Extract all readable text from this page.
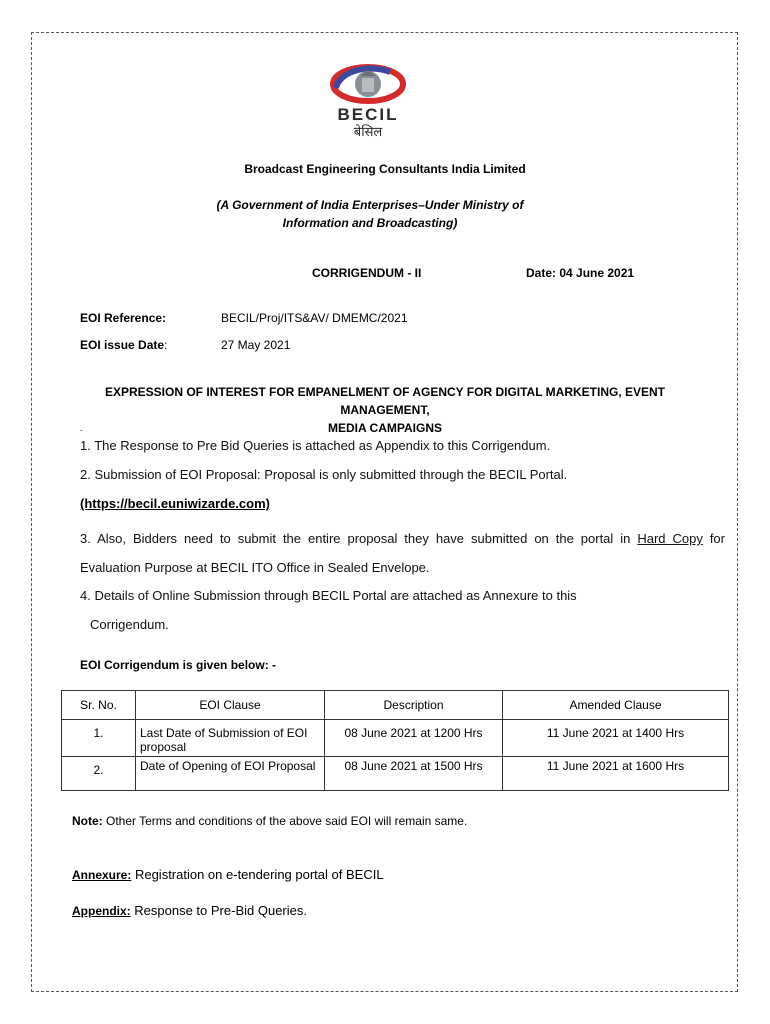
BECIL
बेसिल
Broadcast Engineering Consultants India Limited
(A Government of India Enterprises–Under Ministry of
Information and Broadcasting)
CORRIGENDUM - II	Date: 04 June 2021
EOI Reference:	BECIL/Proj/ITS&AV/ DMEMC/2021
EOI issue Date:	27 May 2021
EXPRESSION OF INTEREST FOR EMPANELMENT OF AGENCY FOR DIGITAL MARKETING, EVENT MANAGEMENT,
MEDIA CAMPAIGNS
.
1. The Response to Pre Bid Queries is attached as Appendix to this Corrigendum.
2. Submission of EOI Proposal: Proposal is only submitted through the BECIL Portal.
(https://becil.euniwizarde.com)
3. Also, Bidders need to submit the entire proposal they have submitted on the portal in Hard Copy for Evaluation Purpose at BECIL ITO Office in Sealed Envelope.
4. Details of Online Submission through BECIL Portal are attached as Annexure to this
Corrigendum.
EOI Corrigendum is given below: -
Sr. No.	EOI Clause	Description	Amended Clause
1.	Last Date of Submission of EOI proposal	08 June 2021 at 1200 Hrs	11 June 2021 at 1400 Hrs
2.	Date of Opening of EOI Proposal	08 June 2021 at 1500 Hrs	11 June 2021 at 1600 Hrs
Note: Other Terms and conditions of the above said EOI will remain same.
Annexure: Registration on e-tendering portal of BECIL
Appendix: Response to Pre-Bid Queries.
